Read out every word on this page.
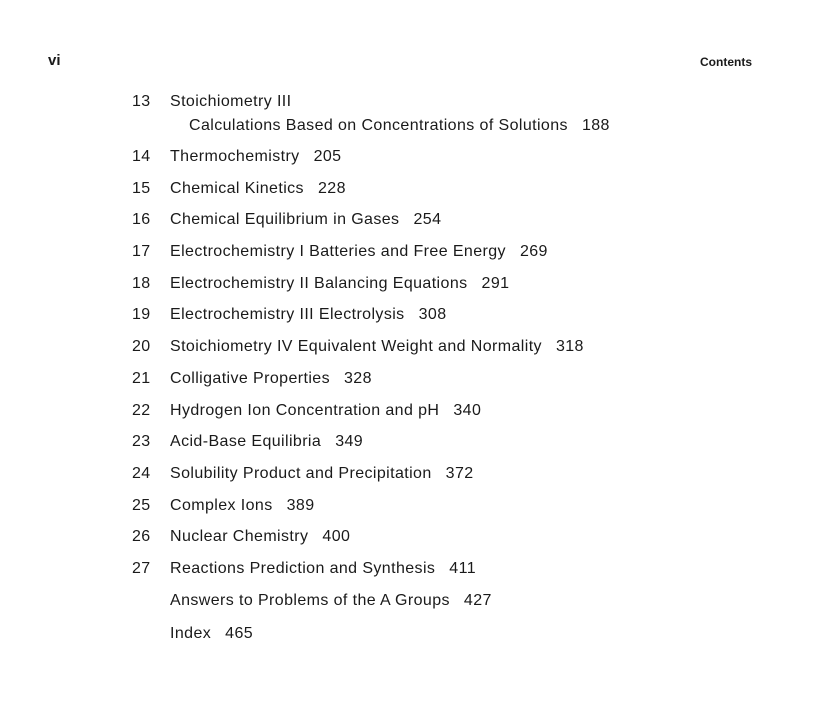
vi	Contents
13	Stoichiometry III
Calculations Based on Concentrations of Solutions 188
14	Thermochemistry 205
15	Chemical Kinetics 228
16	Chemical Equilibrium in Gases 254
17	Electrochemistry I Batteries and Free Energy 269
18	Electrochemistry II Balancing Equations 291
19	Electrochemistry III Electrolysis 308
20	Stoichiometry IV Equivalent Weight and Normality 318
21	Colligative Properties 328
22	Hydrogen Ion Concentration and pH 340
23	Acid-Base Equilibria 349
24	Solubility Product and Precipitation 372
25	Complex Ions 389
26	Nuclear Chemistry 400
27	Reactions Prediction and Synthesis 411
Answers to Problems of the A Groups 427
Index 465
